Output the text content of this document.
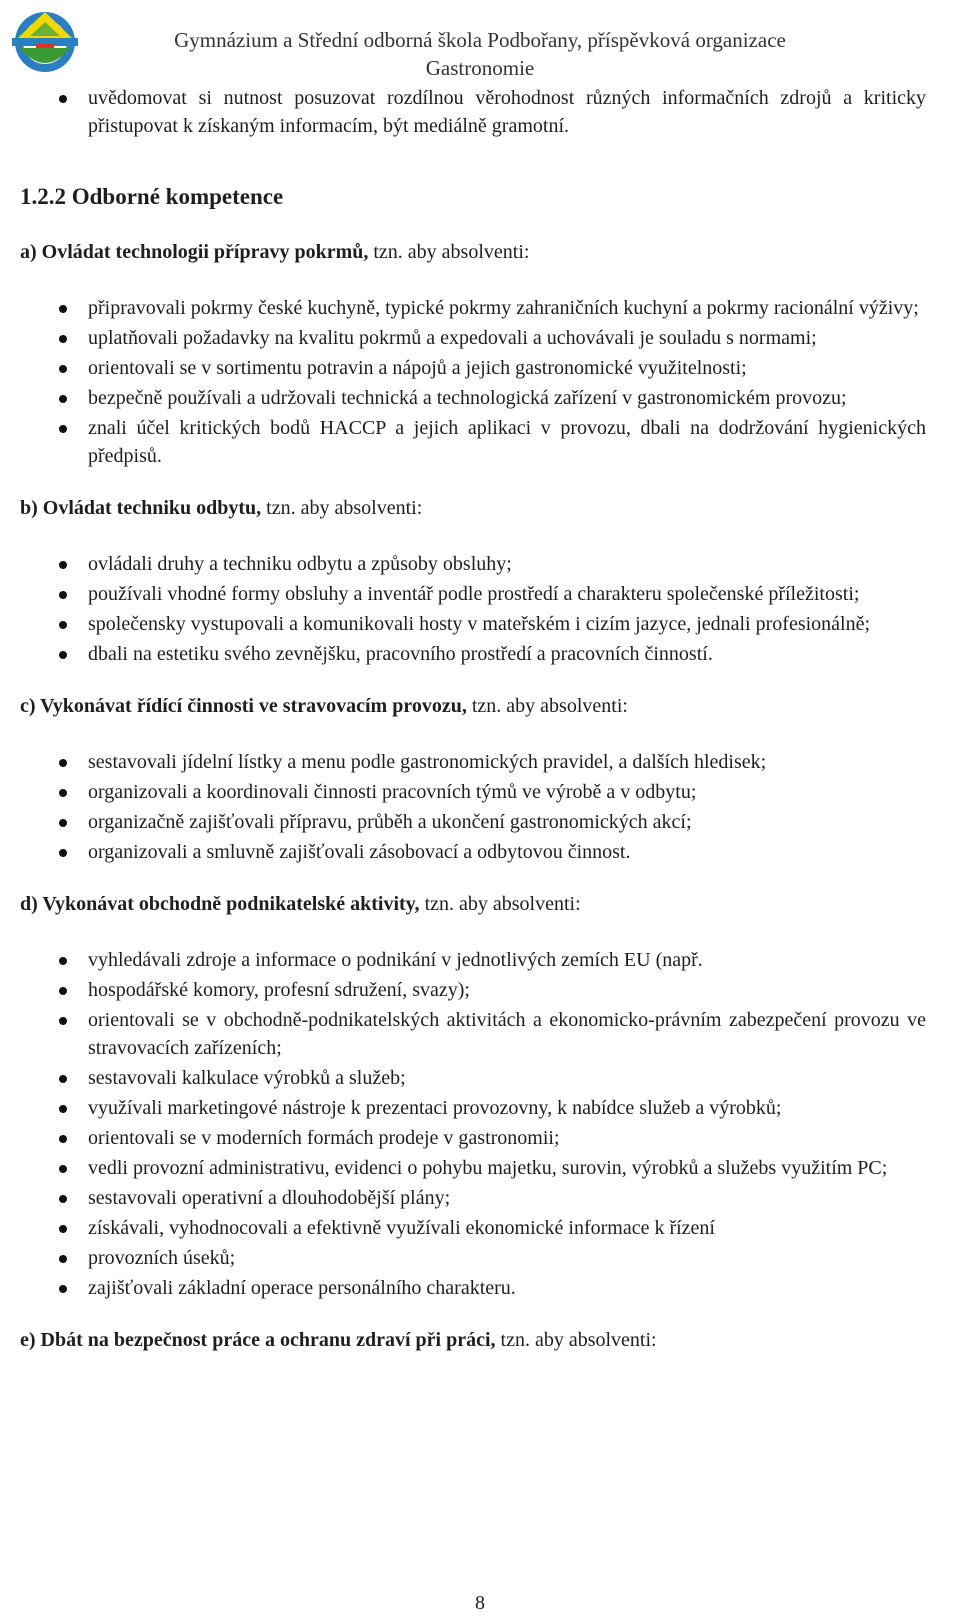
Gymnázium a Střední odborná škola Podbořany, příspěvková organizace
Gastronomie
uvědomovat si nutnost posuzovat rozdílnou věrohodnost různých informačních zdrojů a kriticky přistupovat k získaným informacím, být mediálně gramotní.
1.2.2 Odborné kompetence

a) Ovládat technologii přípravy pokrmů, tzn. aby absolventi:

připravovali pokrmy české kuchyně, typické pokrmy zahraničních kuchyní a pokrmy racionální výživy;
uplatňovali požadavky na kvalitu pokrmů a expedovali a uchovávali je souladu s normami;
orientovali se v sortimentu potravin a nápojů a jejich gastronomické využitelnosti;
bezpečně používali a udržovali technická a technologická zařízení v gastronomickém provozu;
znali účel kritických bodů HACCP a jejich aplikaci v provozu, dbali na dodržování hygienických předpisů.

b) Ovládat techniku odbytu, tzn. aby absolventi:

ovládali druhy a techniku odbytu a způsoby obsluhy;
používali vhodné formy obsluhy a inventář podle prostředí a charakteru společenské příležitosti;
společensky vystupovali a komunikovali hosty v mateřském i cizím jazyce, jednali profesionálně;
dbali na estetiku svého zevnějšku, pracovního prostředí a pracovních činností.

c) Vykonávat řídící činnosti ve stravovacím provozu, tzn. aby absolventi:

sestavovali jídelní lístky a menu podle gastronomických pravidel, a dalších hledisek;
organizovali a koordinovali činnosti pracovních týmů ve výrobě a v odbytu;
organizačně zajišťovali přípravu, průběh a ukončení gastronomických akcí;
organizovali a smluvně zajišťovali zásobovací a odbytovou činnost.

d) Vykonávat obchodně podnikatelské aktivity, tzn. aby absolventi:

vyhledávali zdroje a informace o podnikání v jednotlivých zemích EU (např.
hospodářské komory, profesní sdružení, svazy);
orientovali se v obchodně-podnikatelských aktivitách a ekonomicko-právním zabezpečení provozu ve stravovacích zařízeních;
sestavovali kalkulace výrobků a služeb;
využívali marketingové nástroje k prezentaci provozovny, k nabídce služeb a výrobků;
orientovali se v moderních formách prodeje v gastronomii;
vedli provozní administrativu, evidenci o pohybu majetku, surovin, výrobků a služebs využitím PC;
sestavovali operativní a dlouhodobější plány;
získávali, vyhodnocovali a efektivně využívali ekonomické informace k řízení
provozních úseků;
zajišťovali základní operace personálního charakteru.

e) Dbát na bezpečnost práce a ochranu zdraví při práci, tzn. aby absolventi:

8
